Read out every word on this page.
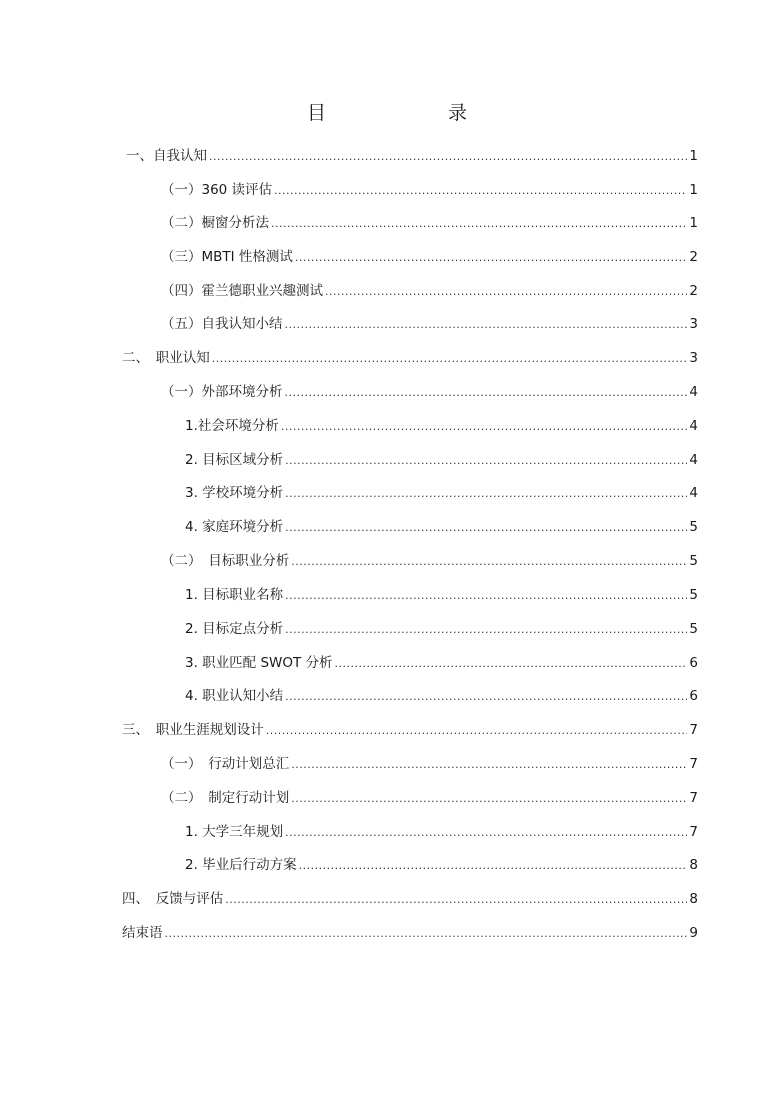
目　　录
一、自我认知 .....	1
（一）360 读评估 .....	1
（二）橱窗分析法 .....	1
（三）MBTI 性格测试 .....	2
（四）霍兰德职业兴趣测试 .....	2
（五）自我认知小结 .....	3
二、　职业认知 .....	3
（一）外部环境分析 .....	4
1.社会环境分析 .....	4
2. 目标区域分析 .....	4
3. 学校环境分析 .....	4
4. 家庭环境分析 .....	5
（二）　目标职业分析 .....	5
1. 目标职业名称 .....	5
2. 目标定点分析 .....	5
3. 职业匹配 SWOT 分析 .....	6
4. 职业认知小结 .....	6
三、　职业生涯规划设计 .....	7
（一）　行动计划总汇 .....	7
（二）　制定行动计划 .....	7
1. 大学三年规划 .....	7
2. 毕业后行动方案 .....	8
四、　反馈与评估 .....	8
结束语 .....	9
